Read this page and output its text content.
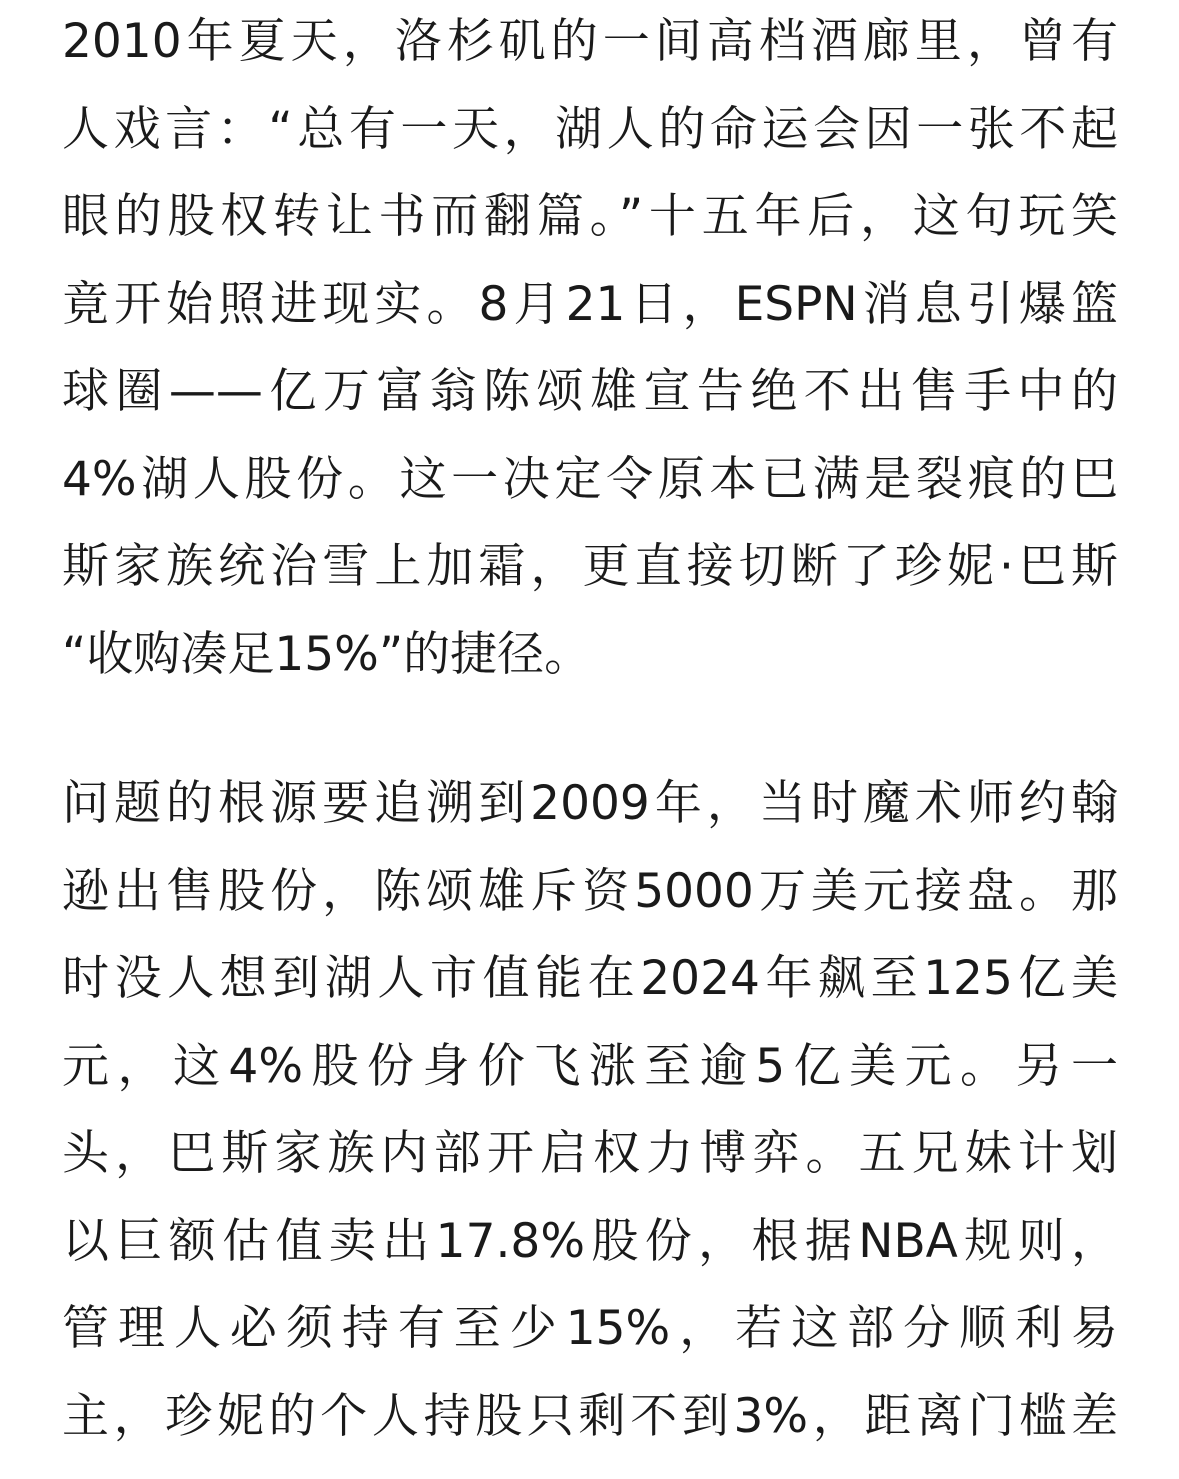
2010年夏天，洛杉矶的一间高档酒廊里，曾有
人戏言：“总有一天，湖人的命运会因一张不起
眼的股权转让书而翻篇。”十五年后，这句玩笑
竟开始照进现实。8月21日，ESPN消息引爆篮
球圈——亿万富翁陈颂雄宣告绝不出售手中的
4%湖人股份。这一决定令原本已满是裂痕的巴
斯家族统治雪上加霜，更直接切断了珍妮·巴斯
“收购凑足15%”的捷径。
问题的根源要追溯到2009年，当时魔术师约翰
逊出售股份，陈颂雄斥资5000万美元接盘。那
时没人想到湖人市值能在2024年飙至125亿美
元，这4%股份身价飞涨至逾5亿美元。另一
头，巴斯家族内部开启权力博弈。五兄妹计划
以巨额估值卖出17.8%股份，根据NBA规则，
管理人必须持有至少15%，若这部分顺利易
主，珍妮的个人持股只剩不到3%，距离门槛差
